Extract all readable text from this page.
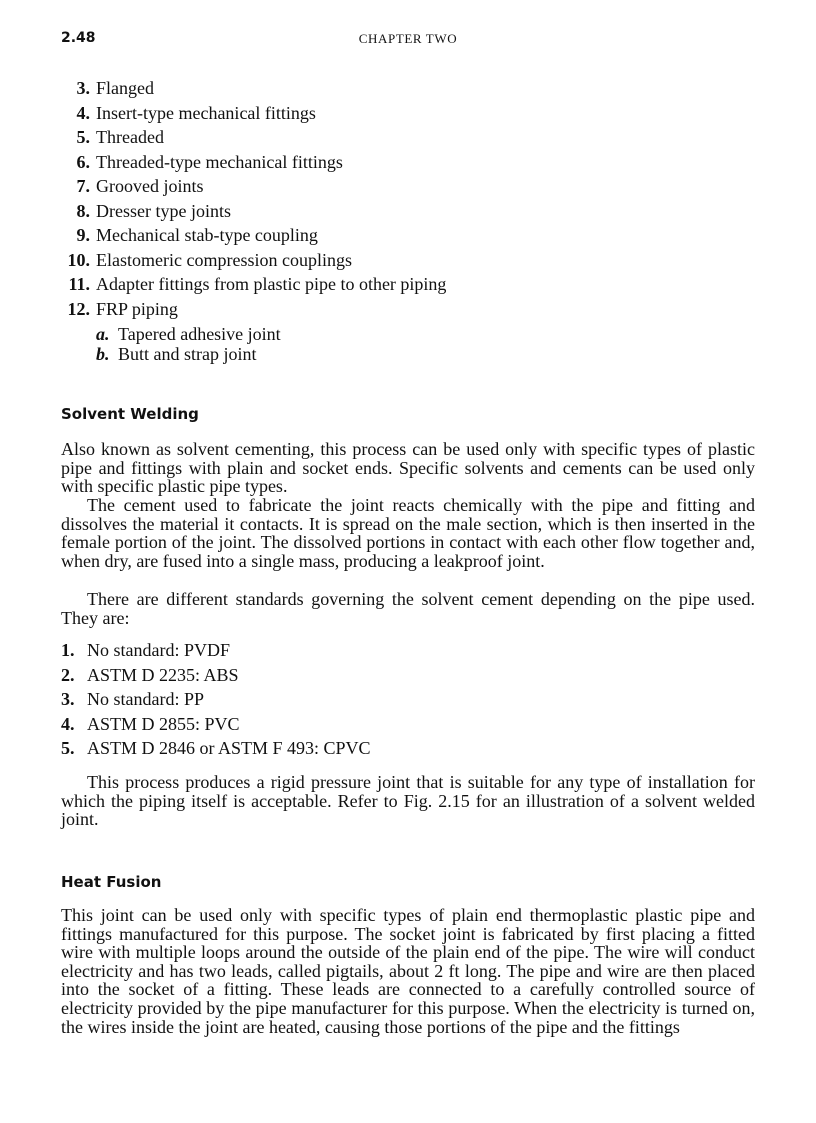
2.48	CHAPTER TWO
3. Flanged
4. Insert-type mechanical fittings
5. Threaded
6. Threaded-type mechanical fittings
7. Grooved joints
8. Dresser type joints
9. Mechanical stab-type coupling
10. Elastomeric compression couplings
11. Adapter fittings from plastic pipe to other piping
12. FRP piping
a. Tapered adhesive joint
b. Butt and strap joint
Solvent Welding

Also known as solvent cementing, this process can be used only with specific types of plastic pipe and fittings with plain and socket ends. Specific solvents and cements can be used only with specific plastic pipe types.

The cement used to fabricate the joint reacts chemically with the pipe and fitting and dissolves the material it contacts. It is spread on the male section, which is then inserted in the female portion of the joint. The dissolved portions in contact with each other flow together and, when dry, are fused into a single mass, producing a leakproof joint.

There are different standards governing the solvent cement depending on the pipe used. They are:

1. No standard: PVDF
2. ASTM D 2235: ABS
3. No standard: PP
4. ASTM D 2855: PVC
5. ASTM D 2846 or ASTM F 493: CPVC

This process produces a rigid pressure joint that is suitable for any type of installation for which the piping itself is acceptable. Refer to Fig. 2.15 for an illustration of a solvent welded joint.

Heat Fusion

This joint can be used only with specific types of plain end thermoplastic plastic pipe and fittings manufactured for this purpose. The socket joint is fabricated by first placing a fitted wire with multiple loops around the outside of the plain end of the pipe. The wire will conduct electricity and has two leads, called pigtails, about 2 ft long. The pipe and wire are then placed into the socket of a fitting. These leads are connected to a carefully controlled source of electricity provided by the pipe manufacturer for this purpose. When the electricity is turned on, the wires inside the joint are heated, causing those portions of the pipe and the fittings
